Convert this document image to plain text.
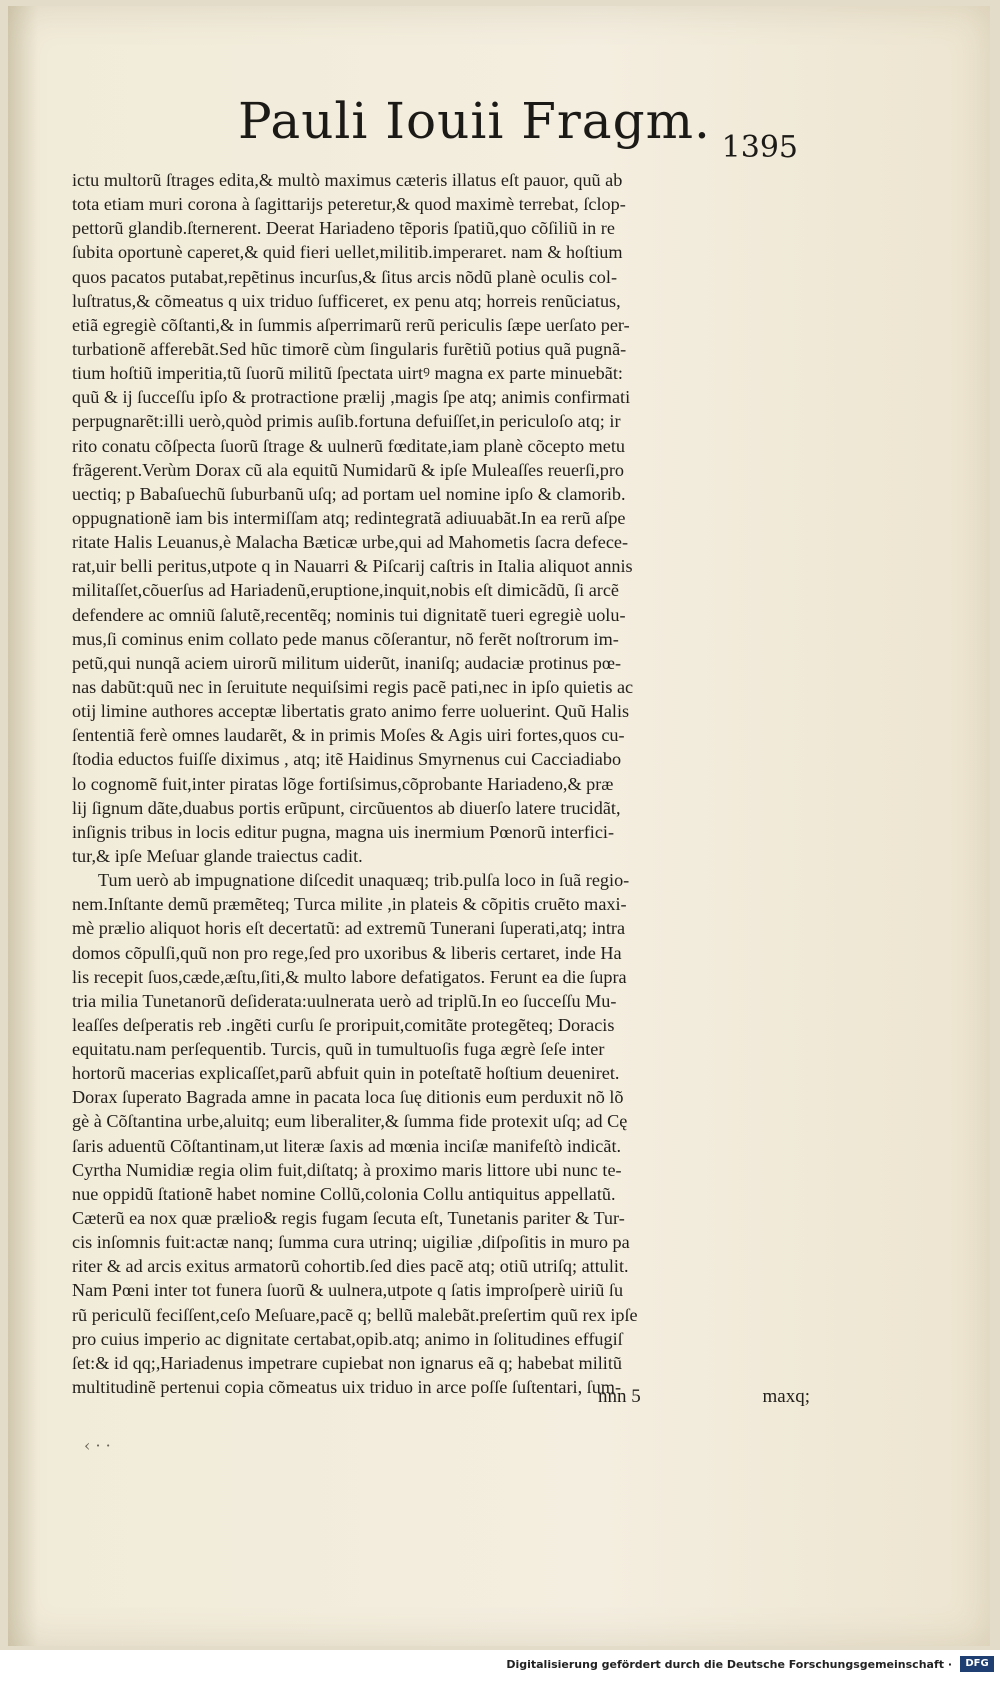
Pauli Iouii Fragm. 1395
ictu multorũ ſtrages edita,& multò maximus cæteris illatus eſt pauor, quũ ab
tota etiam muri corona à ſagittarijs peteretur,& quod maximè terrebat, ſclop-
pettorũ glandib.ſternerent. Deerat Hariadeno tẽporis ſpatiũ,quo cõſiliũ in re
ſubita oportunè caperet,& quid fieri uellet,militib.imperaret. nam & hoſtium
quos pacatos putabat,repẽtinus incurſus,& ſitus arcis nõdũ planè oculis col-
luſtratus,& cõmeatus q uix triduo ſufficeret, ex penu atq; horreis renũciatus,
etiã egregiè cõſtanti,& in ſummis aſperrimarũ rerũ periculis ſæpe uerſato per-
turbationẽ afferebãt.Sed hũc timorẽ cùm ſingularis furẽtiũ potius quã pugnã-
tium hoſtiũ imperitia,tũ ſuorũ militũ ſpectata uirtꝰ magna ex parte minuebãt:
quũ & ij ſucceſſu ipſo & protractione prælij ,magis ſpe atq; animis confirmati
perpugnarẽt:illi uerò,quòd primis auſib.fortuna defuiſſet,in periculoſo atq; ir
rito conatu cõſpecta ſuorũ ſtrage & uulnerũ fœditate,iam planè cõcepto metu
frãgerent.Verùm Dorax cũ ala equitũ Numidarũ & ipſe Muleaſſes reuerſi,pro
uectiq; p Babaſuechũ ſuburbanũ uſq; ad portam uel nomine ipſo & clamorib.
oppugnationẽ iam bis intermiſſam atq; redintegratã adiuuabãt.In ea rerũ aſpe
ritate Halis Leuanus,è Malacha Bæticæ urbe,qui ad Mahometis ſacra defece-
rat,uir belli peritus,utpote q in Nauarri & Piſcarij caſtris in Italia aliquot annis
militaſſet,cõuerſus ad Hariadenũ,eruptione,inquit,nobis eſt dimicãdũ, ſi arcẽ
defendere ac omniũ ſalutẽ,recentẽq; nominis tui dignitatẽ tueri egregiè uolu-
mus,ſi cominus enim collato pede manus cõſerantur, nõ ferẽt noſtrorum im-
petũ,qui nunqã aciem uirorũ militum uiderũt, inaniſq; audaciæ protinus pœ-
nas dabũt:quũ nec in ſeruitute nequiſsimi regis pacẽ pati,nec in ipſo quietis ac
otij limine authores acceptæ libertatis grato animo ferre uoluerint. Quũ Halis
ſententiã ferè omnes laudarẽt, & in primis Moſes & Agis uiri fortes,quos cu-
ſtodia eductos fuiſſe diximus , atq; itẽ Haidinus Smyrnenus cui Cacciadiabo
lo cognomẽ fuit,inter piratas lõge fortiſsimus,cõprobante Hariadeno,& præ
lij ſignum dãte,duabus portis erũpunt, circũuentos ab diuerſo latere trucidãt,
inſignis tribus in locis editur pugna, magna uis inermium Pœnorũ interfici-
tur,& ipſe Meſuar glande traiectus cadit.
Tum uerò ab impugnatione diſcedit unaquæq; trib.pulſa loco in ſuã regio-
nem.Inſtante demũ præmẽteq; Turca milite ,in plateis & cõpitis cruẽto maxi-
mè prælio aliquot horis eſt decertatũ: ad extremũ Tunerani ſuperati,atq; intra
domos cõpulſi,quũ non pro rege,ſed pro uxoribus & liberis certaret, inde Ha
lis recepit ſuos,cæde,æſtu,ſiti,& multo labore defatigatos. Ferunt ea die ſupra
tria milia Tunetanorũ deſiderata:uulnerata uerò ad triplũ.In eo ſucceſſu Mu-
leaſſes deſperatis reb .ingẽti curſu ſe proripuit,comitãte protegẽteq; Doracis
equitatu.nam perſequentib. Turcis, quũ in tumultuoſis fuga ægrè ſeſe inter
hortorũ macerias explicaſſet,parũ abfuit quin in poteſtatẽ hoſtium deueniret.
Dorax ſuperato Bagrada amne in pacata loca ſuę ditionis eum perduxit nõ lõ
gè à Cõſtantina urbe,aluitq; eum liberaliter,& ſumma fide protexit uſq; ad Cę
ſaris aduentũ Cõſtantinam,ut literæ ſaxis ad mœnia inciſæ manifeſtò indicãt.
Cyrtha Numidiæ regia olim fuit,diſtatq; à proximo maris littore ubi nunc te-
nue oppidũ ſtationẽ habet nomine Collũ,colonia Collu antiquitus appellatũ.
Cæterũ ea nox quæ prælio& regis fugam ſecuta eſt, Tunetanis pariter & Tur-
cis inſomnis fuit:actæ nanq; ſumma cura utrinq; uigiliæ ,diſpoſitis in muro pa
riter & ad arcis exitus armatorũ cohortib.ſed dies pacẽ atq; otiũ utriſq; attulit.
Nam Pœni inter tot funera ſuorũ & uulnera,utpote q ſatis improſperè uiriũ ſu
rũ periculũ feciſſent,ceſo Meſuare,pacẽ q; bellũ malebãt.preſertim quũ rex ipſe
pro cuius imperio ac dignitate certabat,opib.atq; animo in ſolitudines effugiſ
ſet:& id qq;,Hariadenus impetrare cupiebat non ignarus eã q; habebat militũ
multitudinẽ pertenui copia cõmeatus uix triduo in arce poſſe ſuſtentari, ſum-
nnn 5	maxq;
‹ · ·
Digitalisierung gefördert durch die Deutsche Forschungsgemeinschaft ·	DFG
